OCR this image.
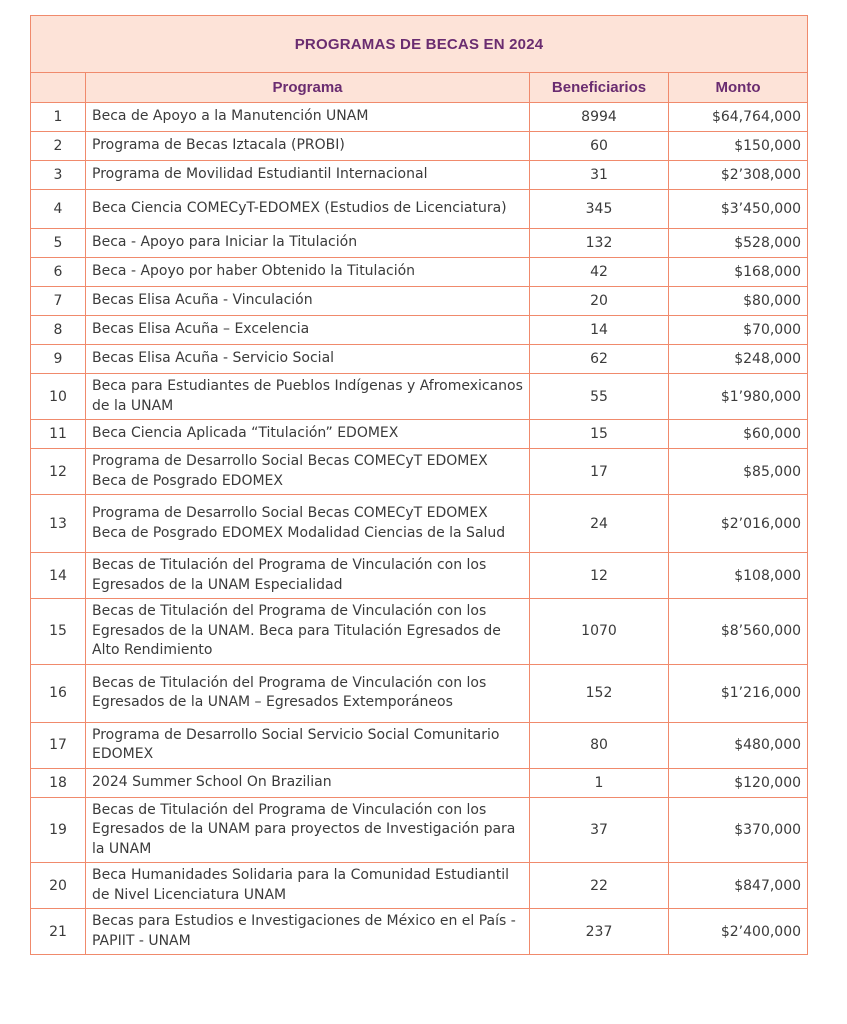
PROGRAMAS DE BECAS EN 2024			
	Programa	Beneficiarios	Monto
1	Beca de Apoyo a la Manutención UNAM	8994	$64,764,000
2	Programa de Becas Iztacala (PROBI)	60	$150,000
3	Programa de Movilidad Estudiantil Internacional	31	$2’308,000
4	Beca Ciencia COMECyT-EDOMEX (Estudios de Licenciatura)	345	$3’450,000
5	Beca - Apoyo para Iniciar la Titulación	132	$528,000
6	Beca - Apoyo por haber Obtenido la Titulación	42	$168,000
7	Becas Elisa Acuña - Vinculación	20	$80,000
8	Becas Elisa Acuña – Excelencia	14	$70,000
9	Becas Elisa Acuña - Servicio Social	62	$248,000
10	Beca para Estudiantes de Pueblos Indígenas y Afromexicanos de la UNAM	55	$1’980,000
11	Beca Ciencia Aplicada “Titulación” EDOMEX	15	$60,000
12	Programa de Desarrollo Social Becas COMECyT EDOMEX Beca de Posgrado EDOMEX	17	$85,000
13	Programa de Desarrollo Social Becas COMECyT EDOMEX Beca de Posgrado EDOMEX Modalidad Ciencias de la Salud	24	$2’016,000
14	Becas de Titulación del Programa de Vinculación con los Egresados de la UNAM Especialidad	12	$108,000
15	Becas de Titulación del Programa de Vinculación con los Egresados de la UNAM. Beca para Titulación Egresados de Alto Rendimiento	1070	$8’560,000
16	Becas de Titulación del Programa de Vinculación con los Egresados de la UNAM – Egresados Extemporáneos	152	$1’216,000
17	Programa de Desarrollo Social Servicio Social Comunitario EDOMEX	80	$480,000
18	2024 Summer School On Brazilian	1	$120,000
19	Becas de Titulación del Programa de Vinculación con los Egresados de la UNAM para proyectos de Investigación para la UNAM	37	$370,000
20	Beca Humanidades Solidaria para la Comunidad Estudiantil de Nivel Licenciatura UNAM	22	$847,000
21	Becas para Estudios e Investigaciones de México en el País - PAPIIT - UNAM	237	$2’400,000
